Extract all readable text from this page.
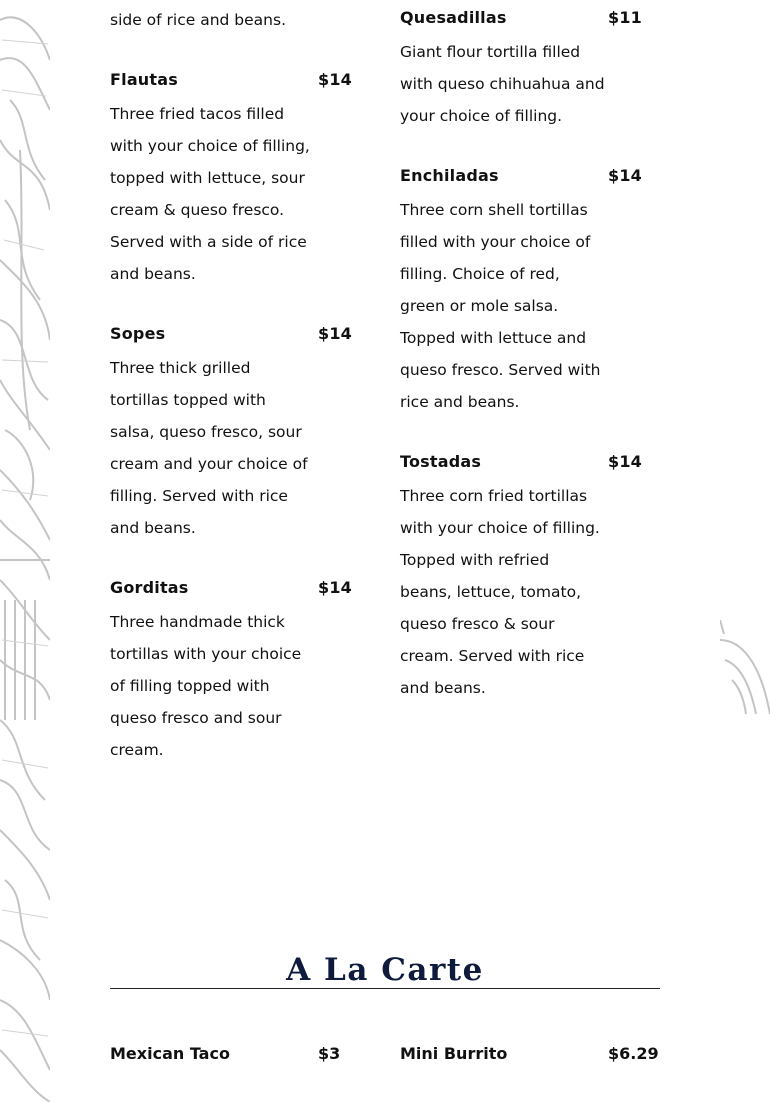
side of rice and beans.
Flautas	$14

Three fried tacos filled
with your choice of filling,
topped with lettuce, sour
cream & queso fresco.
Served with a side of rice
and beans.

Sopes	$14

Three thick grilled
tortillas topped with
salsa, queso fresco, sour
cream and your choice of
filling. Served with rice
and beans.

Gorditas	$14

Three handmade thick
tortillas with your choice
of filling topped with
queso fresco and sour
cream.

Quesadillas	$11

Giant flour tortilla filled
with queso chihuahua and
your choice of filling.

Enchiladas	$14

Three corn shell tortillas
filled with your choice of
filling. Choice of red,
green or mole salsa.
Topped with lettuce and
queso fresco. Served with
rice and beans.

Tostadas	$14

Three corn fried tortillas
with your choice of filling.
Topped with refried
beans, lettuce, tomato,
queso fresco & sour
cream. Served with rice
and beans.

A La Carte
Mexican Taco	$3	Mini Burrito	$6.29
